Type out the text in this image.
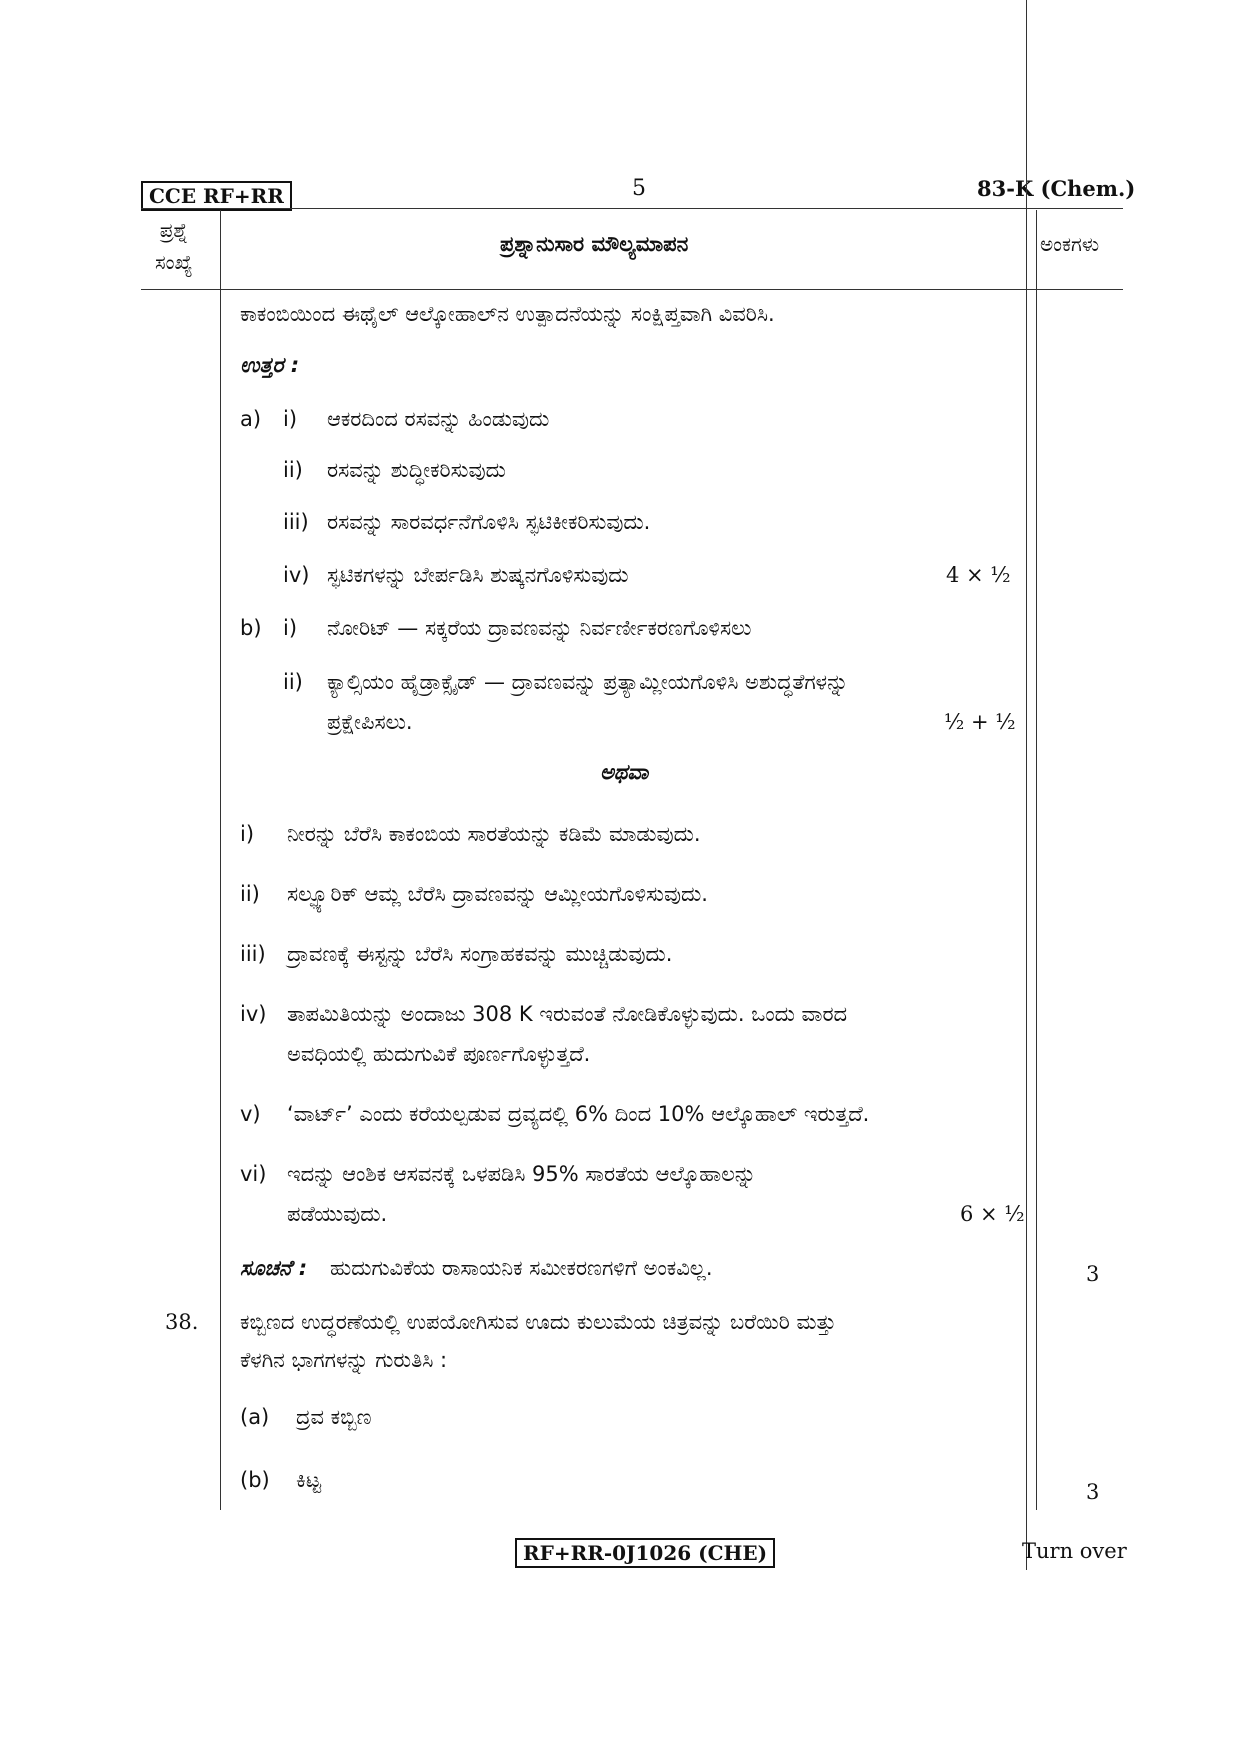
CCE RF+RR	5	83-K (Chem.)
ಪ್ರಶ್ನೆ
ಸಂಖ್ಯೆ
ಪ್ರಶ್ನಾನುಸಾರ ಮೌಲ್ಯಮಾಪನ	ಅಂಕಗಳು
ಕಾಕಂಬಿಯಿಂದ ಈಥೈಲ್ ಆಲ್ಕೋಹಾಲ್‌ನ ಉತ್ಪಾದನೆಯನ್ನು ಸಂಕ್ಷಿಪ್ತವಾಗಿ ವಿವರಿಸಿ.
ಉತ್ತರ :
a) i) ಆಕರದಿಂದ ರಸವನ್ನು ಹಿಂಡುವುದು
ii) ರಸವನ್ನು ಶುದ್ಧೀಕರಿಸುವುದು
iii) ರಸವನ್ನು ಸಾರವರ್ಧನೆಗೊಳಿಸಿ ಸ್ಫಟಿಕೀಕರಿಸುವುದು.
iv) ಸ್ಫಟಿಕಗಳನ್ನು ಬೇರ್ಪಡಿಸಿ ಶುಷ್ಕನಗೊಳಿಸುವುದು	4 × ½
b) i) ನೋರಿಟ್ — ಸಕ್ಕರೆಯ ದ್ರಾವಣವನ್ನು ನಿರ್ವರ್ಣೀಕರಣಗೊಳಿಸಲು
ii) ಕ್ಯಾಲ್ಸಿಯಂ ಹೈಡ್ರಾಕ್ಸೈಡ್ — ದ್ರಾವಣವನ್ನು ಪ್ರತ್ಯಾಮ್ಲೀಯಗೊಳಿಸಿ ಅಶುದ್ಧತೆಗಳನ್ನು
ಪ್ರಕ್ಷೇಪಿಸಲು.	½ + ½
ಅಥವಾ
i) ನೀರನ್ನು ಬೆರೆಸಿ ಕಾಕಂಬಿಯ ಸಾರತೆಯನ್ನು ಕಡಿಮೆ ಮಾಡುವುದು.
ii) ಸಲ್ಫ್ಯೂರಿಕ್ ಆಮ್ಲ ಬೆರೆಸಿ ದ್ರಾವಣವನ್ನು ಆಮ್ಲೀಯಗೊಳಿಸುವುದು.
iii) ದ್ರಾವಣಕ್ಕೆ ಈಸ್ಟನ್ನು ಬೆರೆಸಿ ಸಂಗ್ರಾಹಕವನ್ನು ಮುಚ್ಚಿಡುವುದು.
iv) ತಾಪಮಿತಿಯನ್ನು ಅಂದಾಜು 308 K ಇರುವಂತೆ ನೋಡಿಕೊಳ್ಳುವುದು. ಒಂದು ವಾರದ
ಅವಧಿಯಲ್ಲಿ ಹುದುಗುವಿಕೆ ಪೂರ್ಣಗೊಳ್ಳುತ್ತದೆ.
v) ‘ವಾರ್ಟ್’ ಎಂದು ಕರೆಯಲ್ಪಡುವ ದ್ರವ್ಯದಲ್ಲಿ 6% ದಿಂದ 10% ಆಲ್ಕೊಹಾಲ್ ಇರುತ್ತದೆ.
vi) ಇದನ್ನು ಆಂಶಿಕ ಆಸವನಕ್ಕೆ ಒಳಪಡಿಸಿ 95% ಸಾರತೆಯ ಆಲ್ಕೊಹಾಲನ್ನು
ಪಡೆಯುವುದು.	6 × ½
ಸೂಚನೆ : ಹುದುಗುವಿಕೆಯ ರಾಸಾಯನಿಕ ಸಮೀಕರಣಗಳಿಗೆ ಅಂಕವಿಲ್ಲ.	3
38. ಕಬ್ಬಿಣದ ಉದ್ಧರಣೆಯಲ್ಲಿ ಉಪಯೋಗಿಸುವ ಊದು ಕುಲುಮೆಯ ಚಿತ್ರವನ್ನು ಬರೆಯಿರಿ ಮತ್ತು
ಕೆಳಗಿನ ಭಾಗಗಳನ್ನು ಗುರುತಿಸಿ :
(a) ದ್ರವ ಕಬ್ಬಿಣ
(b) ಕಿಟ್ಟ	3
RF+RR-0J1026 (CHE)	Turn over
